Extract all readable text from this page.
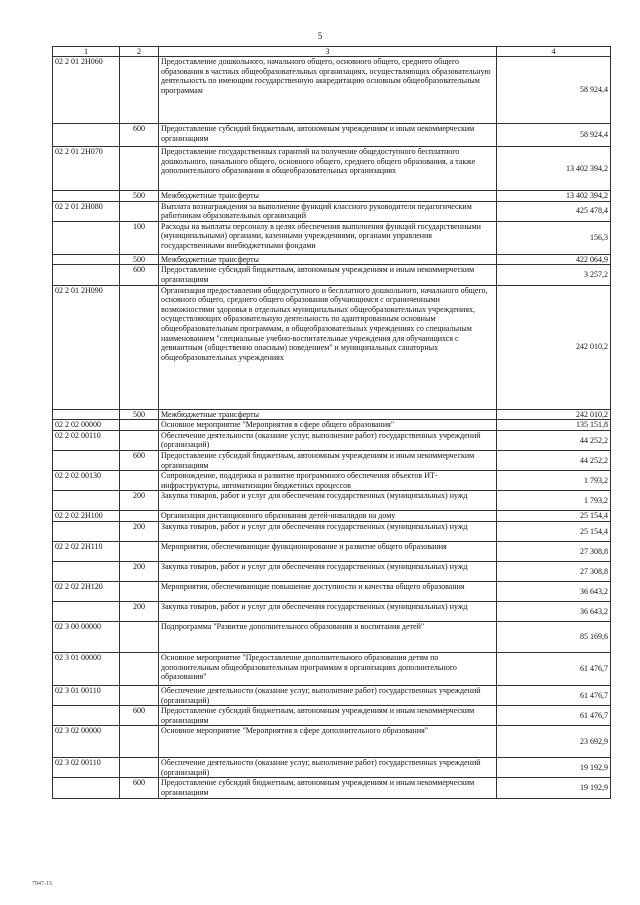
5
1	2	3	4
02 2 01 2Н060		Предоставление дошкольного, начального общего, основного общего, среднего общего образования в частных общеобразовательных организациях, осуществляющих образовательную деятельность по имеющим государственную аккредитацию основным общеобразовательным программам	58 924,4
	600	Предоставление субсидий бюджетным, автономным учреждениям и иным некоммерческим организациям	58 924,4
02 2 01 2Н070		Предоставление государственных гарантий на получение общедоступного бесплатного дошкольного, начального общего, основного общего, среднего общего образования, а также дополнительного образования в общеобразовательных организациях	13 402 394,2
	500	Межбюджетные трансферты	13 402 394,2
02 2 01 2Н080		Выплата вознаграждения за выполнение функций классного руководителя педагогическим работникам образовательных организаций	425 478,4
	100	Расходы на выплаты персоналу в целях обеспечения выполнения функций государственными (муниципальными) органами, казенными учреждениями, органами управления государственными внебюджетными фондами	156,3
	500	Межбюджетные трансферты	422 064,9
	600	Предоставление субсидий бюджетным, автономным учреждениям и иным некоммерческим организациям	3 257,2
02 2 01 2Н090		Организация предоставления общедоступного и бесплатного дошкольного, начального общего, основного общего, среднего общего образования обучающимся с ограниченными возможностями здоровья в отдельных муниципальных общеобразовательных учреждениях, осуществляющих образовательную деятельность по адаптированным основным общеобразовательным программам, в общеобразовательных учреждениях со специальным наименованием "специальные учебно-воспитательные учреждения для обучающихся с девиантным (общественно опасным) поведением" и муниципальных санаторных общеобразовательных учреждениях	242 010,2
	500	Межбюджетные трансферты	242 010,2
02 2 02 00000		Основное мероприятие "Мероприятия в сфере общего образования"	135 151,8
02 2 02 00110		Обеспечение деятельности (оказание услуг, выполнение работ) государственных учреждений (организаций)	44 252,2
	600	Предоставление субсидий бюджетным, автономным учреждениям и иным некоммерческим организациям	44 252,2
02 2 02 00130		Сопровождение, поддержка и развитие программного обеспечения объектов ИТ-инфраструктуры, автоматизации бюджетных процессов	1 793,2
	200	Закупка товаров, работ и услуг для обеспечения государственных (муниципальных) нужд	1 793,2
02 2 02 2Н100		Организация дистанционного образования детей-инвалидов на дому	25 154,4
	200	Закупка товаров, работ и услуг для обеспечения государственных (муниципальных) нужд	25 154,4
02 2 02 2Н110		Мероприятия, обеспечивающие функционирование и развитие общего образования	27 308,8
	200	Закупка товаров, работ и услуг для обеспечения государственных (муниципальных) нужд	27 308,8
02 2 02 2Н120		Мероприятия, обеспечивающие повышение доступности и качества общего образования	36 643,2
	200	Закупка товаров, работ и услуг для обеспечения государственных (муниципальных) нужд	36 643,2
02 3 00 00000		Подпрограмма "Развитие дополнительного образования и воспитания детей"	85 169,6
02 3 01 00000		Основное мероприятие "Предоставление дополнительного образования детям по дополнительным общеобразовательным программам в организациях дополнительного образования"	61 476,7
02 3 01 00110		Обеспечение деятельности (оказание услуг, выполнение работ) государственных учреждений (организаций)	61 476,7
	600	Предоставление субсидий бюджетным, автономным учреждениям и иным некоммерческим организациям	61 476,7
02 3 02 00000		Основное мероприятие "Мероприятия в сфере дополнительного образования"	23 692,9
02 3 02 00110		Обеспечение деятельности (оказание услуг, выполнение работ) государственных учреждений (организаций)	19 192,9
	600	Предоставление субсидий бюджетным, автономным учреждениям и иным некоммерческим организациям	19 192,9
7947-15
